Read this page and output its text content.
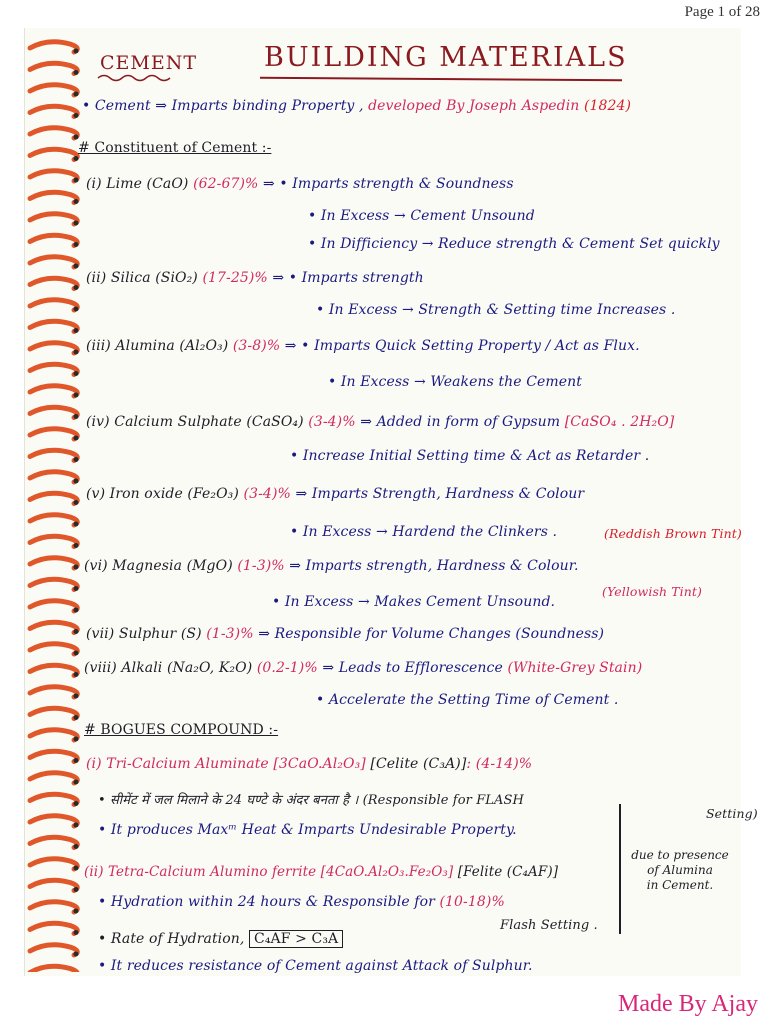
Page 1 of 28
CEMENT BUILDING MATERIALS
• Cement ⇒ Imparts binding Property , developed By Joseph Aspedin (1824)
# Constituent of Cement :-
(i) Lime (CaO) (62-67)% ⇒ • Imparts strength & Soundness
• In Excess → Cement Unsound
• In Difficiency → Reduce strength & Cement Set quickly
(ii) Silica (SiO₂) (17-25)% ⇒ • Imparts strength
• In Excess → Strength & Setting time Increases .
(iii) Alumina (Al₂O₃) (3-8)% ⇒ • Imparts Quick Setting Property / Act as Flux.
• In Excess → Weakens the Cement
(iv) Calcium Sulphate (CaSO₄) (3-4)% ⇒ Added in form of Gypsum [CaSO₄ . 2H₂O]
• Increase Initial Setting time & Act as Retarder .
(v) Iron oxide (Fe₂O₃) (3-4)% ⇒ Imparts Strength, Hardness & Colour
• In Excess → Hardend the Clinkers .	(Reddish Brown Tint)
(vi) Magnesia (MgO) (1-3)% ⇒ Imparts strength, Hardness & Colour.
(Yellowish Tint)
• In Excess → Makes Cement Unsound.
(vii) Sulphur (S) (1-3)% ⇒ Responsible for Volume Changes (Soundness)
(viii) Alkali (Na₂O, K₂O) (0.2-1)% ⇒ Leads to Efflorescence (White-Grey Stain)
• Accelerate the Setting Time of Cement .
# BOGUES COMPOUND :-
(i) Tri-Calcium Aluminate [3CaO.Al₂O₃] [Celite (C₃A)]: (4-14)%
• सीमेंट में जल मिलाने के 24 घण्टे के अंदर बनता है । (Responsible for FLASH
Setting)
• It produces Maxᵐ Heat & Imparts Undesirable Property.
due to presence
of Alumina
in Cement.
(ii) Tetra-Calcium Alumino ferrite [4CaO.Al₂O₃.Fe₂O₃] [Felite (C₄AF)]
• Hydration within 24 hours & Responsible for (10-18)%
Flash Setting .
• Rate of Hydration, C₄AF > C₃A
• It reduces resistance of Cement against Attack of Sulphur.
Made By Ajay
